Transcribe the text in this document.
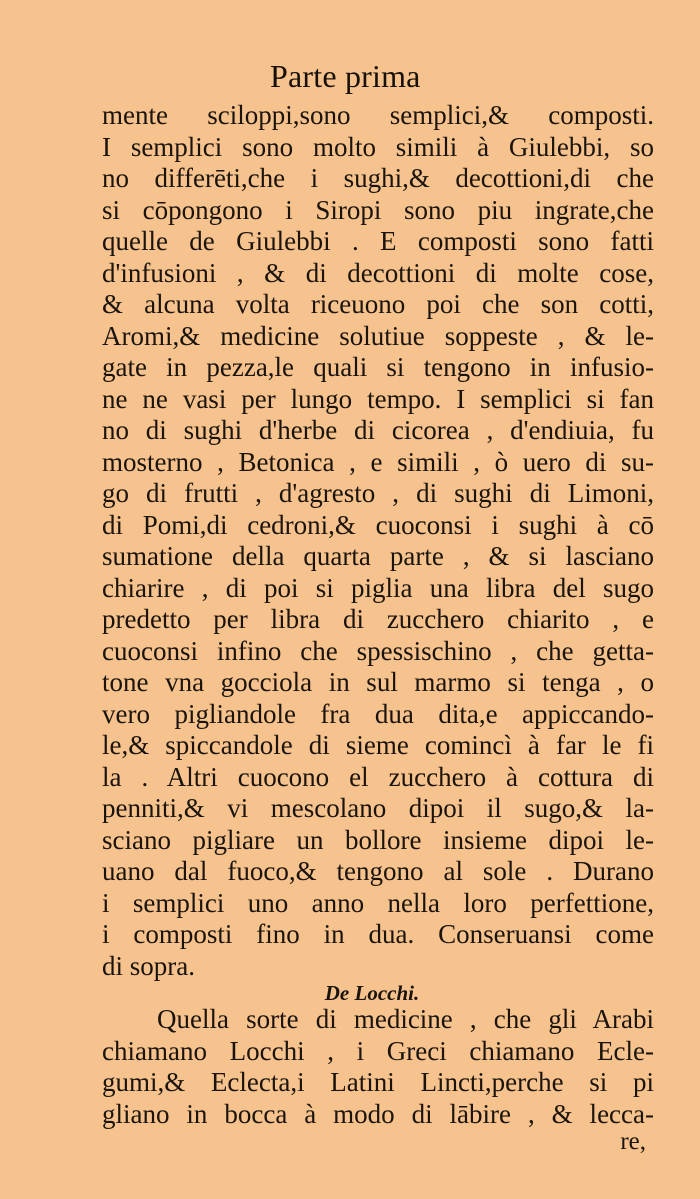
Parte prima
mente sciloppi,sono semplici,& composti.
I semplici sono molto simili à Giulebbi, so
no differēti,che i sughi,& decottioni,di che
si cōpongono i Siropi sono piu ingrate,che
quelle de Giulebbi . E composti sono fatti
d'infusioni , & di decottioni di molte cose,
& alcuna volta riceuono poi che son cotti,
Aromi,& medicine solutiue soppeste , & le-
gate in pezza,le quali si tengono in infusio-
ne ne vasi per lungo tempo. I semplici si fan
no di sughi d'herbe di cicorea , d'endiuia, fu
mosterno , Betonica , e simili , ò uero di su-
go di frutti , d'agresto , di sughi di Limoni,
di Pomi,di cedroni,& cuoconsi i sughi à cō
sumatione della quarta parte , & si lasciano
chiarire , di poi si piglia una libra del sugo
predetto per libra di zucchero chiarito , e
cuoconsi infino che spessischino , che getta-
tone vna gocciola in sul marmo si tenga , o
vero pigliandole fra dua dita,e appiccando-
le,& spiccandole di sieme comincì à far le fi
la . Altri cuocono el zucchero à cottura di
penniti,& vi mescolano dipoi il sugo,& la-
sciano pigliare un bollore insieme dipoi le-
uano dal fuoco,& tengono al sole . Durano
i semplici uno anno nella loro perfettione,
i composti fino in dua. Conseruansi come
di sopra.
De Locchi.
Quella sorte di medicine , che gli Arabi
chiamano Locchi , i Greci chiamano Ecle-
gumi,& Eclecta,i Latini Lincti,perche si pi
gliano in bocca à modo di lābire , & lecca-
re,
